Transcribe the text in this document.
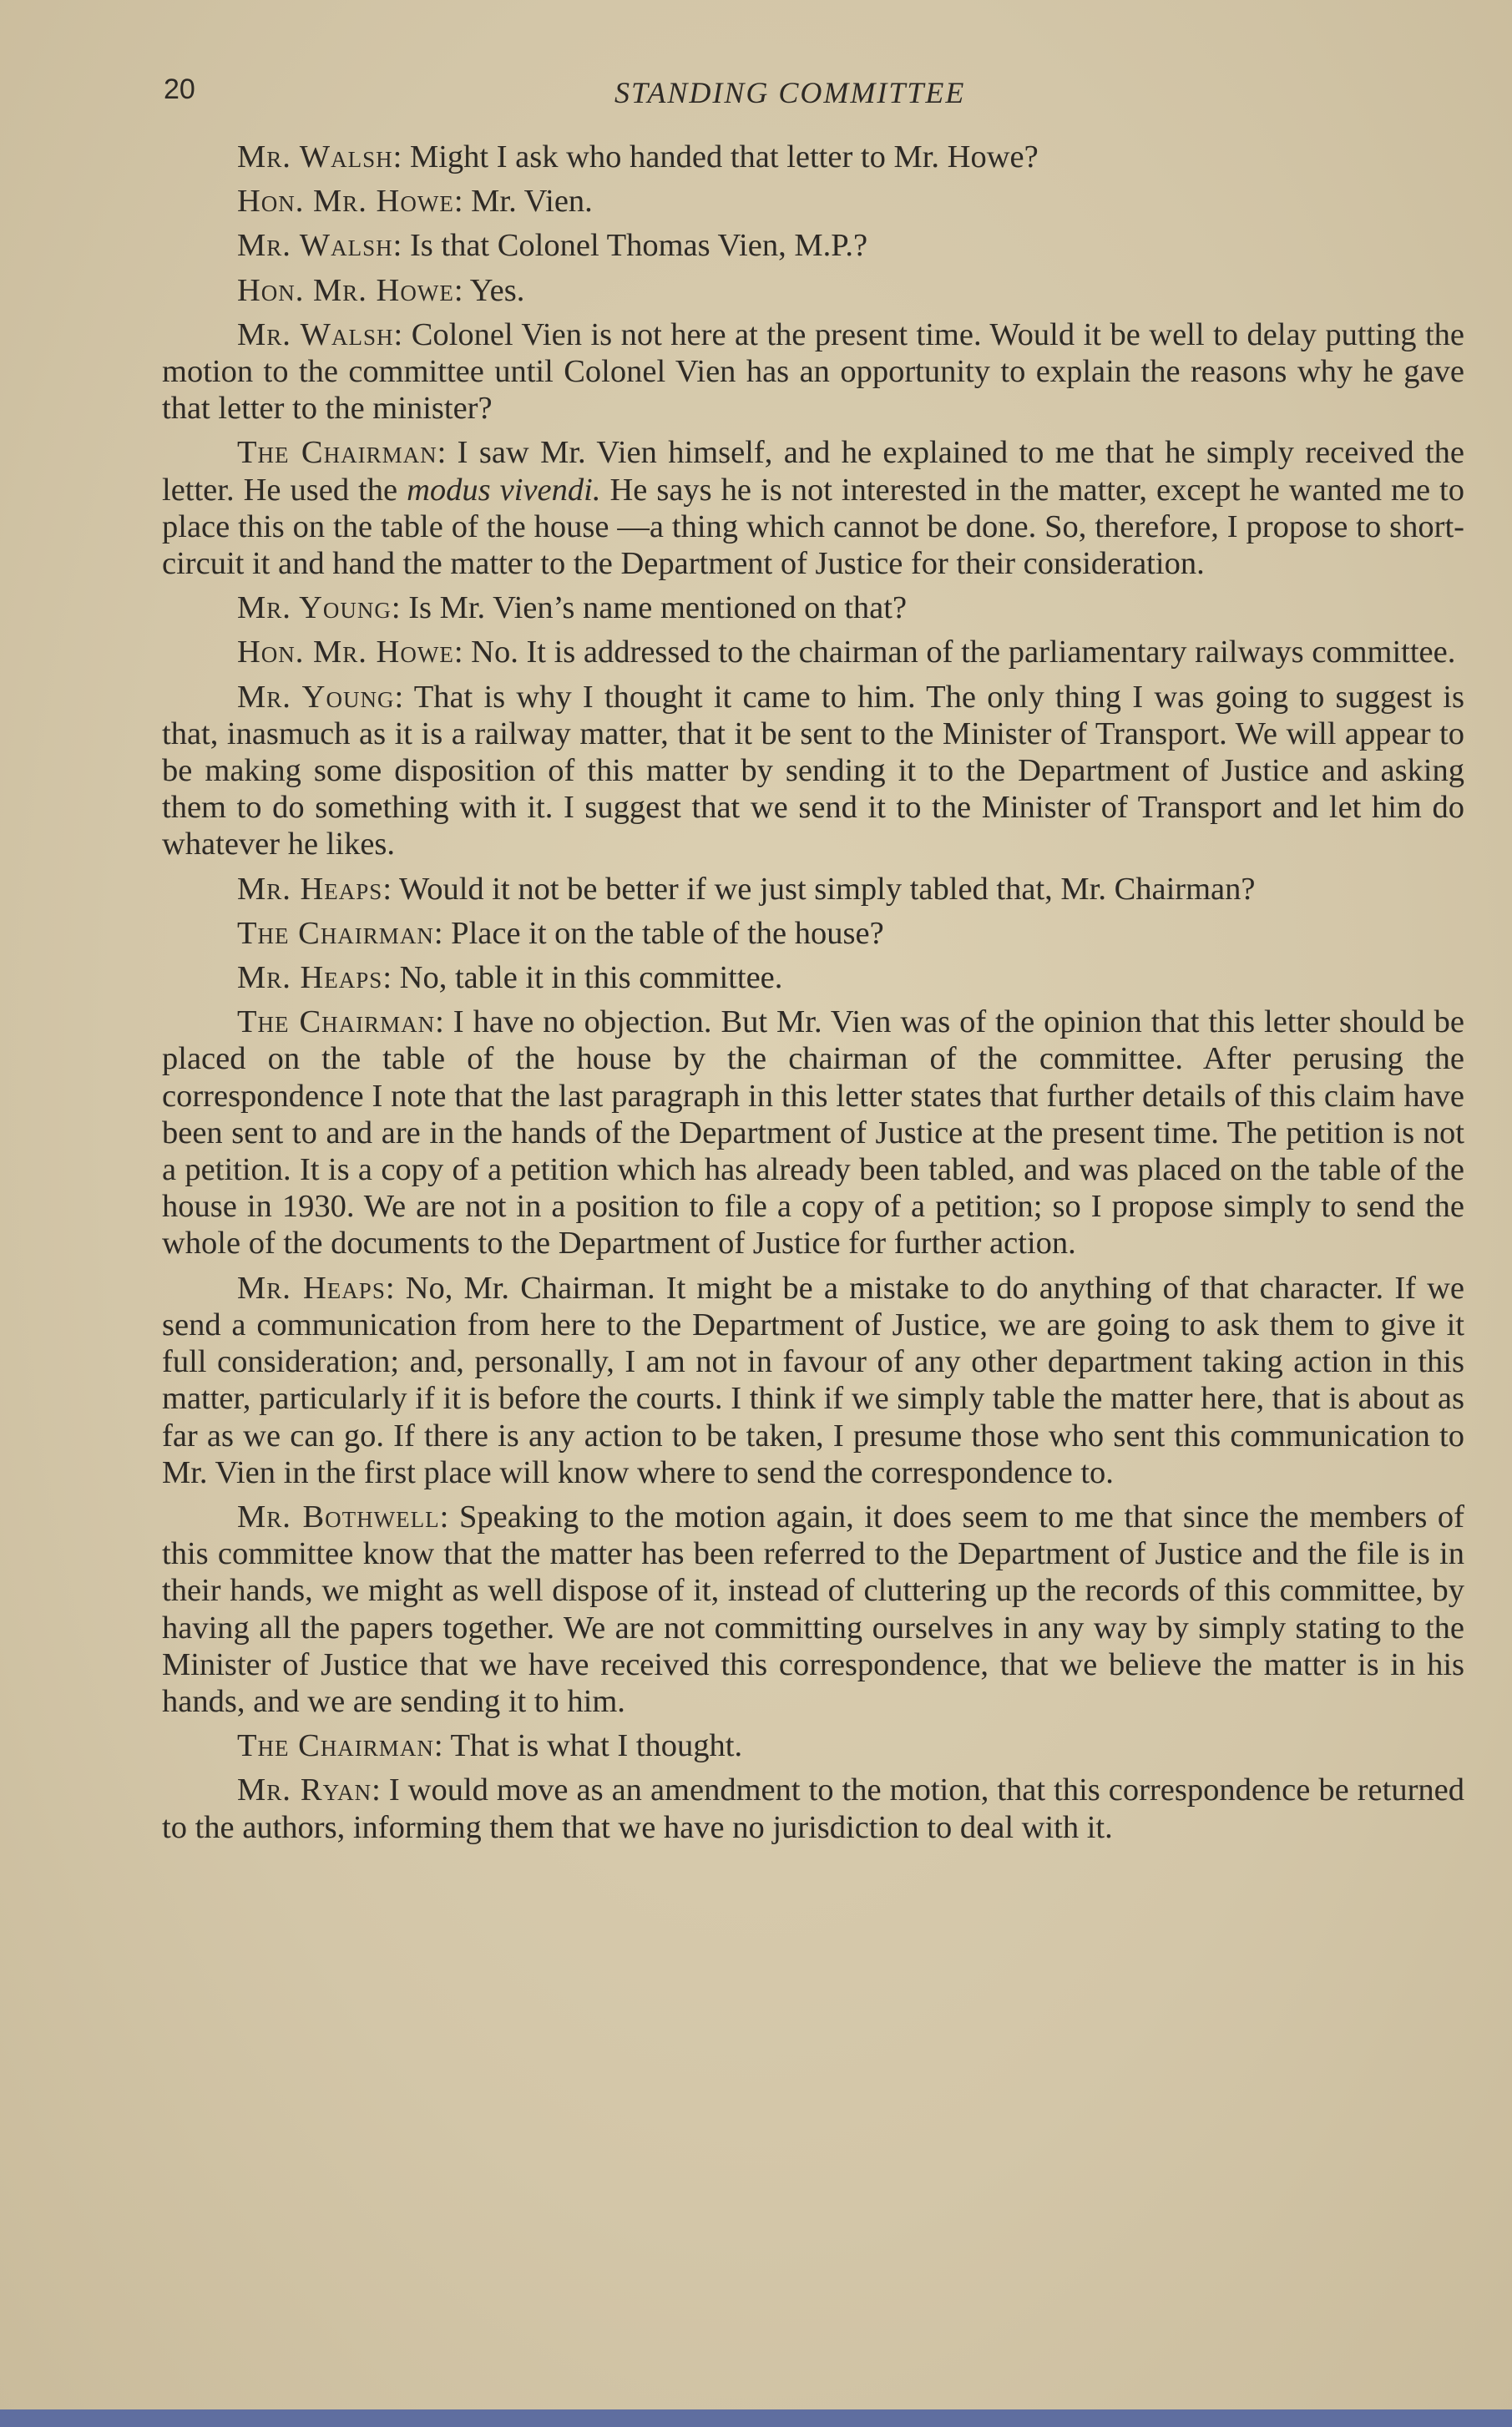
20	STANDING COMMITTEE

Mr. Walsh: Might I ask who handed that letter to Mr. Howe?

Hon. Mr. Howe: Mr. Vien.

Mr. Walsh: Is that Colonel Thomas Vien, M.P.?

Hon. Mr. Howe: Yes.

Mr. Walsh: Colonel Vien is not here at the present time. Would it be well to delay putting the motion to the committee until Colonel Vien has an opportunity to explain the reasons why he gave that letter to the minister?

The Chairman: I saw Mr. Vien himself, and he explained to me that he simply received the letter. He used the modus vivendi. He says he is not interested in the matter, except he wanted me to place this on the table of the house —a thing which cannot be done. So, therefore, I propose to short-circuit it and hand the matter to the Department of Justice for their consideration.

Mr. Young: Is Mr. Vien’s name mentioned on that?

Hon. Mr. Howe: No. It is addressed to the chairman of the parliamentary railways committee.

Mr. Young: That is why I thought it came to him. The only thing I was going to suggest is that, inasmuch as it is a railway matter, that it be sent to the Minister of Transport. We will appear to be making some disposition of this matter by sending it to the Department of Justice and asking them to do something with it. I suggest that we send it to the Minister of Transport and let him do whatever he likes.

Mr. Heaps: Would it not be better if we just simply tabled that, Mr. Chairman?

The Chairman: Place it on the table of the house?

Mr. Heaps: No, table it in this committee.

The Chairman: I have no objection. But Mr. Vien was of the opinion that this letter should be placed on the table of the house by the chairman of the committee. After perusing the correspondence I note that the last paragraph in this letter states that further details of this claim have been sent to and are in the hands of the Department of Justice at the present time. The petition is not a petition. It is a copy of a petition which has already been tabled, and was placed on the table of the house in 1930. We are not in a position to file a copy of a petition; so I propose simply to send the whole of the documents to the Department of Justice for further action.

Mr. Heaps: No, Mr. Chairman. It might be a mistake to do anything of that character. If we send a communication from here to the Department of Justice, we are going to ask them to give it full consideration; and, personally, I am not in favour of any other department taking action in this matter, particularly if it is before the courts. I think if we simply table the matter here, that is about as far as we can go. If there is any action to be taken, I presume those who sent this communication to Mr. Vien in the first place will know where to send the correspondence to.

Mr. Bothwell: Speaking to the motion again, it does seem to me that since the members of this committee know that the matter has been referred to the Department of Justice and the file is in their hands, we might as well dispose of it, instead of cluttering up the records of this committee, by having all the papers together. We are not committing ourselves in any way by simply stating to the Minister of Justice that we have received this correspondence, that we believe the matter is in his hands, and we are sending it to him.

The Chairman: That is what I thought.

Mr. Ryan: I would move as an amendment to the motion, that this correspondence be returned to the authors, informing them that we have no jurisdiction to deal with it.
